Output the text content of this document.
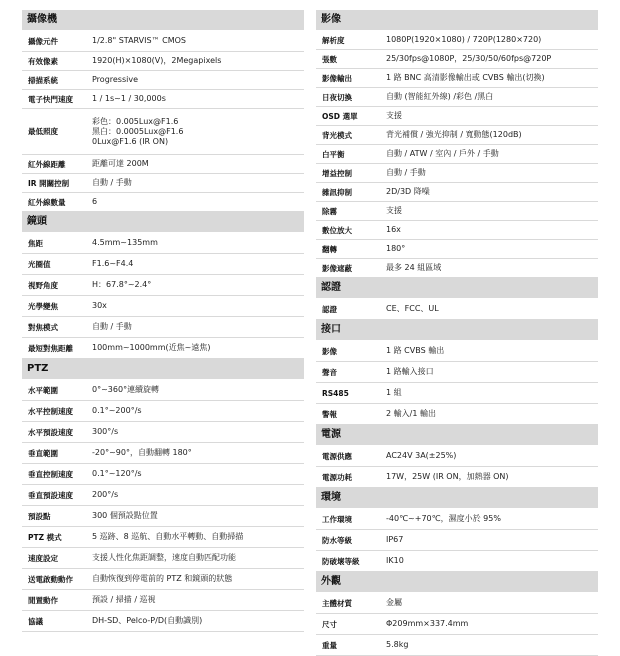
攝像機
攝像元件	1/2.8" STARVIS™ CMOS
有效像素	1920(H)×1080(V)，2Megapixels
掃描系統	Progressive
電子快門速度	1 / 1s~1 / 30,000s
最低照度
彩色：0.005Lux@F1.6
黑白：0.0005Lux@F1.6
0Lux@F1.6 (IR ON)
紅外線距離	距離可達 200M
IR 開關控制	自動 / 手動
紅外線數量	6
鏡頭
焦距	4.5mm~135mm
光圈值	F1.6~F4.4
視野角度	H：67.8°~2.4°
光學變焦	30x
對焦模式	自動 / 手動
最短對焦距離	100mm~1000mm(近焦~遠焦)
PTZ
水平範圍	0°~360°連續旋轉
水平控制速度	0.1°~200°/s
水平預設速度	300°/s
垂直範圍	-20°~90°，自動翻轉 180°
垂直控制速度	0.1°~120°/s
垂直預設速度	200°/s
預設點	300 個預設點位置
PTZ 模式	5 巡跡、8 巡航、自動水平轉動、自動掃描
速度設定	支援人性化焦距調整，速度自動匹配功能
送電啟動動作	自動恢復到停電前的 PTZ 和鏡頭的狀態
閒置動作	預設 / 掃描 / 巡視
協議	DH-SD、Pelco-P/D(自動識別)
影像
解析度	1080P(1920×1080) / 720P(1280×720)
張數	25/30fps@1080P，25/30/50/60fps@720P
影像輸出	1 路 BNC 高清影像輸出或 CVBS 輸出(切換)
日夜切換	自動 (智能紅外線) /彩色 /黑白
OSD 選單	支援
背光模式	背光補償 / 強光抑制 / 寬動態(120dB)
白平衡	自動 / ATW / 室內 / 戶外 / 手動
增益控制	自動 / 手動
雜訊抑制	2D/3D 降噪
除霧	支援
數位放大	16x
翻轉	180°
影像遮蔽	最多 24 組區域
認證
認證	CE、FCC、UL
接口
影像	1 路 CVBS 輸出
聲音	1 路輸入接口
RS485	1 組
警報	2 輸入/1 輸出
電源
電源供應	AC24V 3A(±25%)
電源功耗	17W，25W (IR ON，加熱器 ON)
環境
工作環境	-40℃~+70℃，濕度小於 95%
防水等級	IP67
防破壞等級	IK10
外觀
主體材質	金屬
尺寸	Φ209mm×337.4mm
重量	5.8kg
